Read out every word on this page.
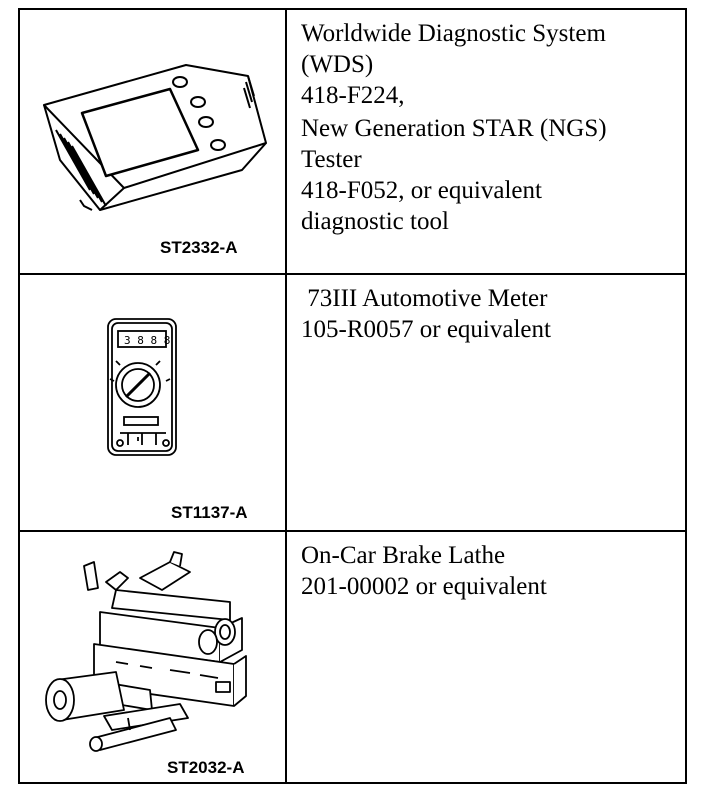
ST2332-A
Worldwide Diagnostic System
(WDS)
418-F224,
New Generation STAR (NGS)
Tester
418-F052, or equivalent
diagnostic tool
3 8 8 8
ST1137-A
73III Automotive Meter
105-R0057 or equivalent
ST2032-A
On-Car Brake Lathe
201-00002 or equivalent
